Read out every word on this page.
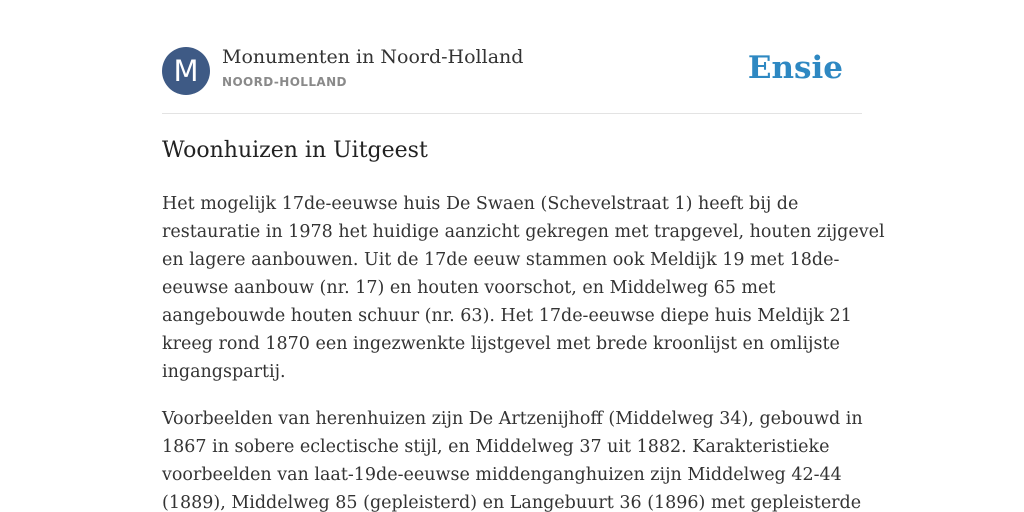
M	Monumenten in Noord-Holland
NOORD-HOLLAND	Ensie
Woonhuizen in Uitgeest
Het mogelijk 17de-eeuwse huis De Swaen (Schevelstraat 1) heeft bij de
restauratie in 1978 het huidige aanzicht gekregen met trapgevel, houten zijgevel
en lagere aanbouwen. Uit de 17de eeuw stammen ook Meldijk 19 met 18de-
eeuwse aanbouw (nr. 17) en houten voorschot, en Middelweg 65 met
aangebouwde houten schuur (nr. 63). Het 17de-eeuwse diepe huis Meldijk 21
kreeg rond 1870 een ingezwenkte lijstgevel met brede kroonlijst en omlijste
ingangspartij.
Voorbeelden van herenhuizen zijn De Artzenijhoff (Middelweg 34), gebouwd in
1867 in sobere eclectische stijl, en Middelweg 37 uit 1882. Karakteristieke
voorbeelden van laat-19de-eeuwse middenganghuizen zijn Middelweg 42-44
(1889), Middelweg 85 (gepleisterd) en Langebuurt 36 (1896) met gepleisterde
